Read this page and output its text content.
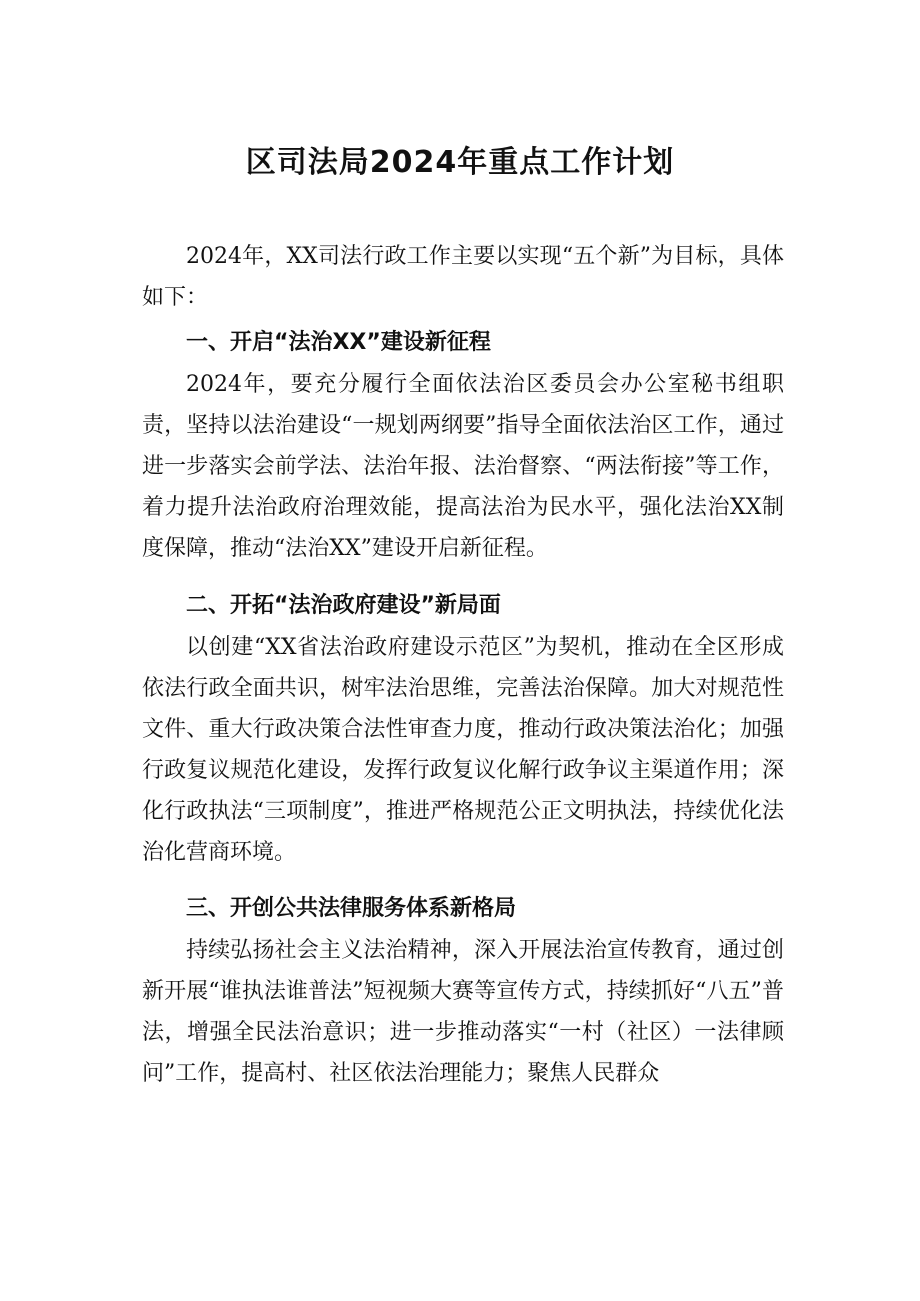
区司法局2024年重点工作计划

2024年，XX司法行政工作主要以实现“五个新”为目标，具体如下：

一、开启“法治XX”建设新征程

2024年，要充分履行全面依法治区委员会办公室秘书组职责，坚持以法治建设“一规划两纲要”指导全面依法治区工作，通过进一步落实会前学法、法治年报、法治督察、“两法衔接”等工作，着力提升法治政府治理效能，提高法治为民水平，强化法治XX制度保障，推动“法治XX”建设开启新征程。

二、开拓“法治政府建设”新局面

以创建“XX省法治政府建设示范区”为契机，推动在全区形成依法行政全面共识，树牢法治思维，完善法治保障。加大对规范性文件、重大行政决策合法性审查力度，推动行政决策法治化；加强行政复议规范化建设，发挥行政复议化解行政争议主渠道作用；深化行政执法“三项制度”，推进严格规范公正文明执法，持续优化法治化营商环境。

三、开创公共法律服务体系新格局

持续弘扬社会主义法治精神，深入开展法治宣传教育，通过创新开展“谁执法谁普法”短视频大赛等宣传方式，持续抓好“八五”普法，增强全民法治意识；进一步推动落实“一村（社区）一法律顾问”工作，提高村、社区依法治理能力；聚焦人民群众
